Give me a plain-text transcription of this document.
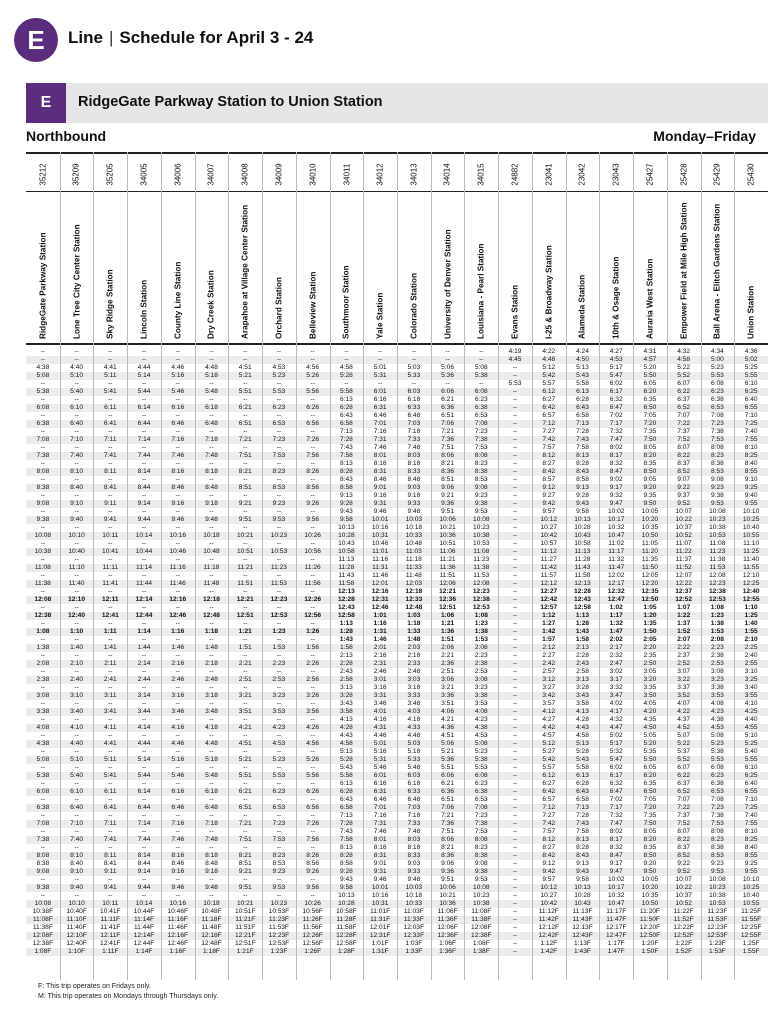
E	Line | Schedule for April 3 - 24
E	RidgeGate Parkway Station to Union Station
Northbound	Monday–Friday
35212	35209	35205	34005	34006	34007	34008	34009	34010	34011	34012	34013	34014	34015	24882	23041	23042	23043	25427	25428	25429	25430
RidgeGate Parkway Station	Lone Tree City Center Station	Sky Ridge Station	Lincoln Station	County Line Station	Dry Creek Station	Arapahoe at Village Center Station	Orchard Station	Belleview Station	Southmoor Station	Yale Station	Colorado Station	University of Denver Station	Louisiana - Pearl Station	Evans Station	I-25 & Broadway Station	Alameda Station	10th & Osage Station	Auraria West Station	Empower Field at Mile High Station	Ball Arena - Elitch Gardens Station	Union Station
--	--	--	--	--	--	--	--	--	--	--	--	--	--	4:19	4:22	4:24	4:27	4:31	4:32	4:34	4:36
--	--	--	--	--	--	--	--	--	--	--	--	--	--	4:45	4:48	4:50	4:53	4:57	4:58	5:00	5:02
4:38	4:40	4:41	4:44	4:46	4:48	4:51	4:53	4:56	4:58	5:01	5:03	5:06	5:08	--	5:12	5:13	5:17	5:20	5:22	5:23	5:25
5:08	5:10	5:11	5:14	5:16	5:18	5:21	5:23	5:26	5:28	5:31	5:33	5:36	5:38	--	5:42	5:43	5:47	5:50	5:52	5:53	5:55
--	--	--	--	--	--	--	--	--	--	--	--	--	--	5:53	5:57	5:58	6:02	6:05	6:07	6:08	6:10
5:38	5:40	5:41	5:44	5:46	5:48	5:51	5:53	5:56	5:58	6:01	6:03	6:06	6:08	--	6:12	6:13	6:17	6:20	6:22	6:23	6:25
--	--	--	--	--	--	--	--	--	6:13	6:16	6:18	6:21	6:23	--	6:27	6:28	6:32	6:35	6:37	6:38	6:40
6:08	6:10	6:11	6:14	6:16	6:18	6:21	6:23	6:26	6:28	6:31	6:33	6:36	6:38	--	6:42	6:43	6:47	6:50	6:52	6:53	6:55
--	--	--	--	--	--	--	--	--	6:43	6:46	6:48	6:51	6:53	--	6:57	6:58	7:02	7:05	7:07	7:08	7:10
6:38	6:40	6:41	6:44	6:46	6:48	6:51	6:53	6:56	6:58	7:01	7:03	7:06	7:08	--	7:12	7:13	7:17	7:20	7:22	7:23	7:25
--	--	--	--	--	--	--	--	--	7:13	7:16	7:18	7:21	7:23	--	7:27	7:28	7:32	7:35	7:37	7:38	7:40
7:08	7:10	7:11	7:14	7:16	7:18	7:21	7:23	7:26	7:28	7:31	7:33	7:36	7:38	--	7:42	7:43	7:47	7:50	7:52	7:53	7:55
--	--	--	--	--	--	--	--	--	7:43	7:46	7:48	7:51	7:53	--	7:57	7:58	8:02	8:05	8:07	8:08	8:10
7:38	7:40	7:41	7:44	7:46	7:48	7:51	7:53	7:56	7:58	8:01	8:03	8:06	8:08	--	8:12	8:13	8:17	8:20	8:22	8:23	8:25
--	--	--	--	--	--	--	--	--	8:13	8:16	8:18	8:21	8:23	--	8:27	8:28	8:32	8:35	8:37	8:38	8:40
8:08	8:10	8:11	8:14	8:16	8:18	8:21	8:23	8:26	8:28	8:31	8:33	8:36	8:38	--	8:42	8:43	8:47	8:50	8:52	8:53	8:55
--	--	--	--	--	--	--	--	--	8:43	8:46	8:48	8:51	8:53	--	8:57	8:58	9:02	9:05	9:07	9:08	9:10
8:38	8:40	8:41	8:44	8:46	8:48	8:51	8:53	8:56	8:58	9:01	9:03	9:06	9:08	--	9:12	9:13	9:17	9:20	9:22	9:23	9:25
--	--	--	--	--	--	--	--	--	9:13	9:16	9:18	9:21	9:23	--	9:27	9:28	9:32	9:35	9:37	9:38	9:40
9:08	9:10	9:11	9:14	9:16	9:18	9:21	9:23	9:26	9:28	9:31	9:33	9:36	9:38	--	9:42	9:43	9:47	9:50	9:52	9:53	9:55
--	--	--	--	--	--	--	--	--	9:43	9:46	9:48	9:51	9:53	--	9:57	9:58	10:02	10:05	10:07	10:08	10:10
9:38	9:40	9:41	9:44	9:46	9:48	9:51	9:53	9:56	9:58	10:01	10:03	10:06	10:08	--	10:12	10:13	10:17	10:20	10:22	10:23	10:25
--	--	--	--	--	--	--	--	--	10:13	10:16	10:18	10:21	10:23	--	10:27	10:28	10:32	10:35	10:37	10:38	10:40
10:08	10:10	10:11	10:14	10:16	10:18	10:21	10:23	10:26	10:28	10:31	10:33	10:36	10:38	--	10:42	10:43	10:47	10:50	10:52	10:53	10:55
--	--	--	--	--	--	--	--	--	10:43	10:46	10:48	10:51	10:53	--	10:57	10:58	11:02	11:05	11:07	11:08	11:10
10:38	10:40	10:41	10:44	10:46	10:48	10:51	10:53	10:56	10:58	11:01	11:03	11:06	11:08	--	11:12	11:13	11:17	11:20	11:22	11:23	11:25
--	--	--	--	--	--	--	--	--	11:13	11:16	11:18	11:21	11:23	--	11:27	11:28	11:32	11:35	11:37	11:38	11:40
11:08	11:10	11:11	11:14	11:16	11:18	11:21	11:23	11:26	11:28	11:31	11:33	11:36	11:38	--	11:42	11:43	11:47	11:50	11:52	11:53	11:55
--	--	--	--	--	--	--	--	--	11:43	11:46	11:48	11:51	11:53	--	11:57	11:58	12:02	12:05	12:07	12:08	12:10
11:38	11:40	11:41	11:44	11:46	11:48	11:51	11:53	11:56	11:58	12:01	12:03	12:06	12:08	--	12:12	12:13	12:17	12:20	12:22	12:23	12:25
--	--	--	--	--	--	--	--	--	12:13	12:16	12:18	12:21	12:23	--	12:27	12:28	12:32	12:35	12:37	12:38	12:40
12:08	12:10	12:11	12:14	12:16	12:18	12:21	12:23	12:26	12:28	12:31	12:33	12:36	12:38	--	12:42	12:43	12:47	12:50	12:52	12:53	12:55
--	--	--	--	--	--	--	--	--	12:43	12:46	12:48	12:51	12:53	--	12:57	12:58	1:02	1:05	1:07	1:08	1:10
12:38	12:40	12:41	12:44	12:46	12:48	12:51	12:53	12:56	12:58	1:01	1:03	1:06	1:08	--	1:12	1:13	1:17	1:20	1:22	1:23	1:25
--	--	--	--	--	--	--	--	--	1:13	1:16	1:18	1:21	1:23	--	1:27	1:28	1:32	1:35	1:37	1:38	1:40
1:08	1:10	1:11	1:14	1:16	1:18	1:21	1:23	1:26	1:28	1:31	1:33	1:36	1:38	--	1:42	1:43	1:47	1:50	1:52	1:53	1:55
--	--	--	--	--	--	--	--	--	1:43	1:46	1:48	1:51	1:53	--	1:57	1:58	2:02	2:05	2:07	2:08	2:10
1:38	1:40	1:41	1:44	1:46	1:48	1:51	1:53	1:56	1:58	2:01	2:03	2:06	2:08	--	2:12	2:13	2:17	2:20	2:22	2:23	2:25
--	--	--	--	--	--	--	--	--	2:13	2:16	2:18	2:21	2:23	--	2:27	2:28	2:32	2:35	2:37	2:38	2:40
2:08	2:10	2:11	2:14	2:16	2:18	2:21	2:23	2:26	2:28	2:31	2:33	2:36	2:38	--	2:42	2:43	2:47	2:50	2:52	2:53	2:55
--	--	--	--	--	--	--	--	--	2:43	2:46	2:48	2:51	2:53	--	2:57	2:58	3:02	3:05	3:07	3:08	3:10
2:38	2:40	2:41	2:44	2:46	2:48	2:51	2:53	2:56	2:58	3:01	3:03	3:06	3:08	--	3:12	3:13	3:17	3:20	3:22	3:23	3:25
--	--	--	--	--	--	--	--	--	3:13	3:16	3:18	3:21	3:23	--	3:27	3:28	3:32	3:35	3:37	3:38	3:40
3:08	3:10	3:11	3:14	3:16	3:18	3:21	3:23	3:26	3:28	3:31	3:33	3:36	3:38	--	3:42	3:43	3:47	3:50	3:52	3:53	3:55
--	--	--	--	--	--	--	--	--	3:43	3:46	3:48	3:51	3:53	--	3:57	3:58	4:02	4:05	4:07	4:08	4:10
3:38	3:40	3:41	3:44	3:46	3:48	3:51	3:53	3:56	3:58	4:01	4:03	4:06	4:08	--	4:12	4:13	4:17	4:20	4:22	4:23	4:25
--	--	--	--	--	--	--	--	--	4:13	4:16	4:18	4:21	4:23	--	4:27	4:28	4:32	4:35	4:37	4:38	4:40
4:08	4:10	4:11	4:14	4:16	4:18	4:21	4:23	4:26	4:28	4:31	4:33	4:36	4:38	--	4:42	4:43	4:47	4:50	4:52	4:53	4:55
--	--	--	--	--	--	--	--	--	4:43	4:46	4:48	4:51	4:53	--	4:57	4:58	5:02	5:05	5:07	5:08	5:10
4:38	4:40	4:41	4:44	4:46	4:48	4:51	4:53	4:56	4:58	5:01	5:03	5:06	5:08	--	5:12	5:13	5:17	5:20	5:22	5:23	5:25
--	--	--	--	--	--	--	--	--	5:13	5:16	5:18	5:21	5:23	--	5:27	5:28	5:32	5:35	5:37	5:38	5:40
5:08	5:10	5:11	5:14	5:16	5:18	5:21	5:23	5:26	5:28	5:31	5:33	5:36	5:38	--	5:42	5:43	5:47	5:50	5:52	5:53	5:55
--	--	--	--	--	--	--	--	--	5:43	5:46	5:48	5:51	5:53	--	5:57	5:58	6:02	6:05	6:07	6:08	6:10
5:38	5:40	5:41	5:44	5:46	5:48	5:51	5:53	5:56	5:58	6:01	6:03	6:06	6:08	--	6:12	6:13	6:17	6:20	6:22	6:23	6:25
--	--	--	--	--	--	--	--	--	6:13	6:16	6:18	6:21	6:23	--	6:27	6:28	6:32	6:35	6:37	6:38	6:40
6:08	6:10	6:11	6:14	6:16	6:18	6:21	6:23	6:26	6:28	6:31	6:33	6:36	6:38	--	6:42	6:43	6:47	6:50	6:52	6:53	6:55
--	--	--	--	--	--	--	--	--	6:43	6:46	6:48	6:51	6:53	--	6:57	6:58	7:02	7:05	7:07	7:08	7:10
6:38	6:40	6:41	6:44	6:46	6:48	6:51	6:53	6:56	6:58	7:01	7:03	7:06	7:08	--	7:12	7:13	7:17	7:20	7:22	7:23	7:25
--	--	--	--	--	--	--	--	--	7:13	7:16	7:18	7:21	7:23	--	7:27	7:28	7:32	7:35	7:37	7:38	7:40
7:08	7:10	7:11	7:14	7:16	7:18	7:21	7:23	7:26	7:28	7:31	7:33	7:36	7:38	--	7:42	7:43	7:47	7:50	7:52	7:53	7:55
--	--	--	--	--	--	--	--	--	7:43	7:46	7:48	7:51	7:53	--	7:57	7:58	8:02	8:05	8:07	8:08	8:10
7:38	7:40	7:41	7:44	7:46	7:48	7:51	7:53	7:56	7:58	8:01	8:03	8:06	8:08	--	8:12	8:13	8:17	8:20	8:22	8:23	8:25
--	--	--	--	--	--	--	--	--	8:13	8:16	8:18	8:21	8:23	--	8:27	8:28	8:32	8:35	8:37	8:38	8:40
8:08	8:10	8:11	8:14	8:16	8:18	8:21	8:23	8:26	8:28	8:31	8:33	8:36	8:38	--	8:42	8:43	8:47	8:50	8:52	8:53	8:55
8:38	8:40	8:41	8:44	8:46	8:48	8:51	8:53	8:56	8:58	9:01	9:03	9:06	9:08	--	9:12	9:13	9:17	9:20	9:22	9:23	9:25
9:08	9:10	9:11	9:14	9:16	9:18	9:21	9:23	9:26	9:28	9:31	9:33	9:36	9:38	--	9:42	9:43	9:47	9:50	9:52	9:53	9:55
--	--	--	--	--	--	--	--	--	9:43	9:46	9:48	9:51	9:53	--	9:57	9:58	10:02	10:05	10:07	10:08	10:10
9:38	9:40	9:41	9:44	9:46	9:48	9:51	9:53	9:56	9:58	10:01	10:03	10:06	10:08	--	10:12	10:13	10:17	10:20	10:22	10:23	10:25
--	--	--	--	--	--	--	--	--	10:13	10:16	10:18	10:21	10:23	--	10:27	10:28	10:32	10:35	10:37	10:38	10:40
10:08	10:10	10:11	10:14	10:16	10:18	10:21	10:23	10:26	10:28	10:31	10:33	10:36	10:38	--	10:42	10:43	10:47	10:50	10:52	10:53	10:55
10:38F	10:40F	10:41F	10:44F	10:46F	10:48F	10:51F	10:53F	10:56F	10:58F	11:01F	11:03F	11:06F	11:08F	--	11:12F	11:13F	11:17F	11:20F	11:22F	11:23F	11:25F
11:08F	11:10F	11:11F	11:14F	11:16F	11:18F	11:21F	11:23F	11:26F	11:28F	11:31F	11:33F	11:36F	11:38F	--	11:42F	11:43F	11:47F	11:50F	11:52F	11:53F	11:55F
11:38F	11:40F	11:41F	11:44F	11:46F	11:48F	11:51F	11:53F	11:56F	11:58F	12:01F	12:03F	12:06F	12:08F	--	12:12F	12:13F	12:17F	12:20F	12:22F	12:23F	12:25F
12:08F	12:10F	12:11F	12:14F	12:16F	12:18F	12:21F	12:23F	12:26F	12:28F	12:31F	12:33F	12:36F	12:38F	--	12:42F	12:43F	12:47F	12:50F	12:52F	12:53F	12:55F
12:38F	12:40F	12:41F	12:44F	12:46F	12:48F	12:51F	12:53F	12:56F	12:58F	1:01F	1:03F	1:06F	1:08F	--	1:12F	1:13F	1:17F	1:20F	1:22F	1:23F	1:25F
1:08F	1:10F	1:11F	1:14F	1:16F	1:18F	1:21F	1:23F	1:26F	1:28F	1:31F	1:33F	1:36F	1:38F	--	1:42F	1:43F	1:47F	1:50F	1:52F	1:53F	1:55F
F: This trip operates on Fridays only.
M: This trip operates on Mondays through Thursdays only.
